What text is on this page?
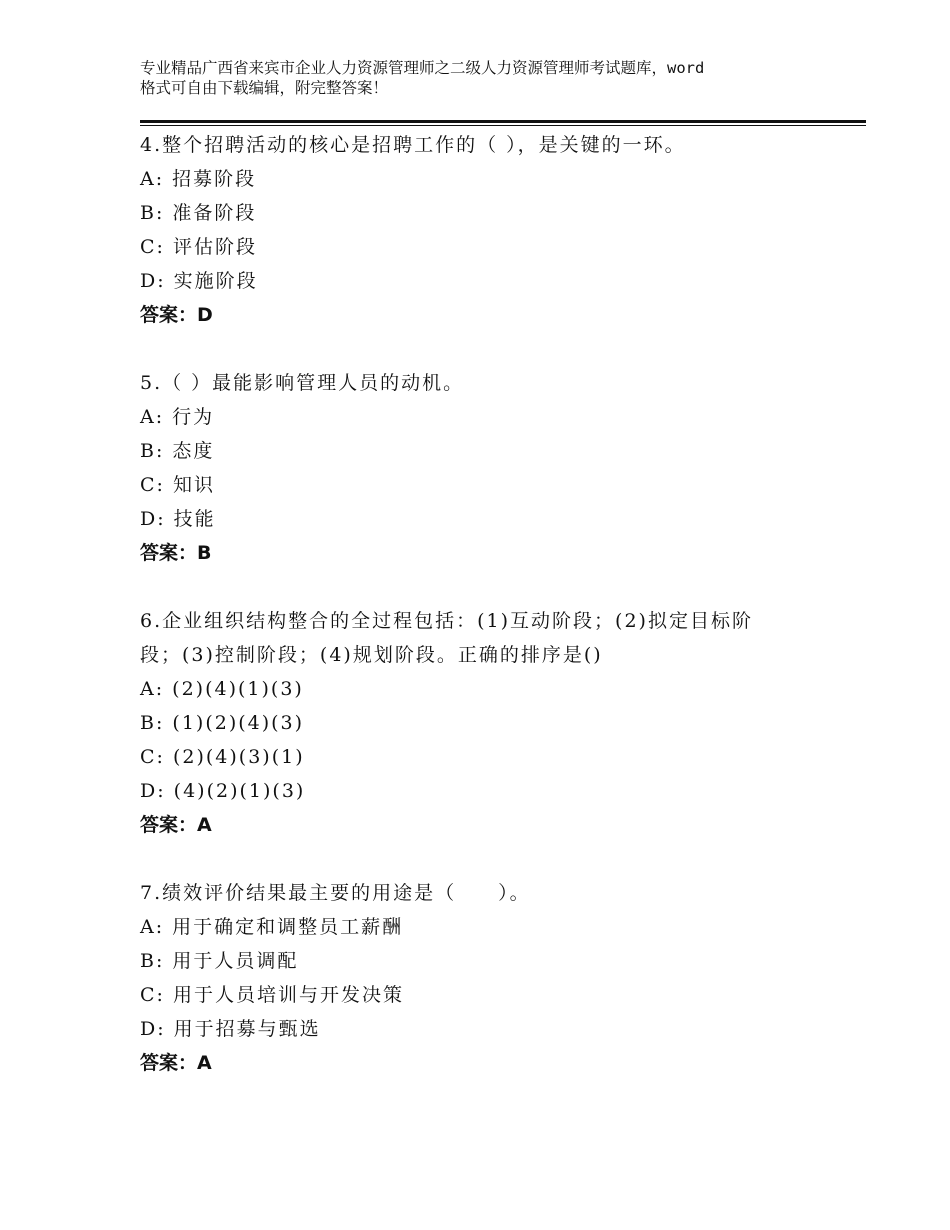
专业精品广西省来宾市企业人力资源管理师之二级人力资源管理师考试题库，word
格式可自由下载编辑，附完整答案！
4.整个招聘活动的核心是招聘工作的（ ），是关键的一环。
A: 招募阶段
B: 准备阶段
C: 评估阶段
D: 实施阶段
答案：D
5.（ ）最能影响管理人员的动机。
A: 行为
B: 态度
C: 知识
D: 技能
答案：B
6.企业组织结构整合的全过程包括：(1)互动阶段；(2)拟定目标阶段；(3)控制阶段；(4)规划阶段。正确的排序是()
A: (2)(4)(1)(3)
B: (1)(2)(4)(3)
C: (2)(4)(3)(1)
D: (4)(2)(1)(3)
答案：A
7.绩效评价结果最主要的用途是（　　）。
A: 用于确定和调整员工薪酬
B: 用于人员调配
C: 用于人员培训与开发决策
D: 用于招募与甄选
答案：A
